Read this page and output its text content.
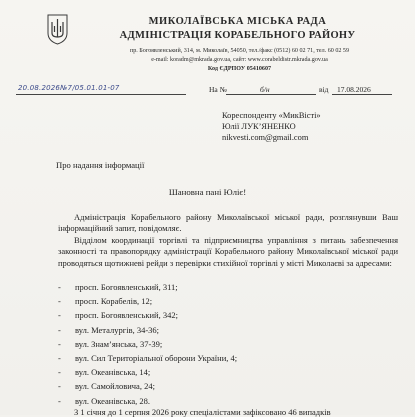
МИКОЛАЇВСЬКА МІСЬКА РАДА
АДМІНІСТРАЦІЯ КОРАБЕЛЬНОГО РАЙОНУ
пр. Богоявленський, 314, м. Миколаїв, 54050, тел./факс (0512) 60 02 71, тел. 60 02 59
e-mail: koradm@mkrada.gov.ua, сайт: www.corabeldistr.mkrada.gov.ua
Код ЄДРПОУ 05410607
20.08.2026№7/05.01.01-07	На №	б/н	від 17.08.2026
Кореспонденту «МикВісті»
Юлії ЛУК’ЯНЕНКО
nikvesti.com@gmail.com
Про надання інформації
Шановна пані Юліє!
Адміністрація Корабельного району Миколаївської міської ради, розглянувши Ваш інформаційний запит, повідомляє.
Відділом координації торгівлі та підприємництва управління з питань забезпечення законності та правопорядку адміністрації Корабельного району Миколаївської міської ради проводяться щотижневі рейди з перевірки стихійної торгівлі у місті Миколаєві за адресами:
- просп. Богоявленський, 311;
- просп. Корабелів, 12;
- просп. Богоявленський, 342;
- вул. Металургів, 34-36;
- вул. Знам’янська, 37-39;
- вул. Сил Територіальної оборони України, 4;
- вул. Океанівська, 14;
- вул. Самойловича, 24;
- вул. Океанівська, 28.
З 1 січня до 1 серпня 2026 року спеціалістами зафіксовано 46 випадків
